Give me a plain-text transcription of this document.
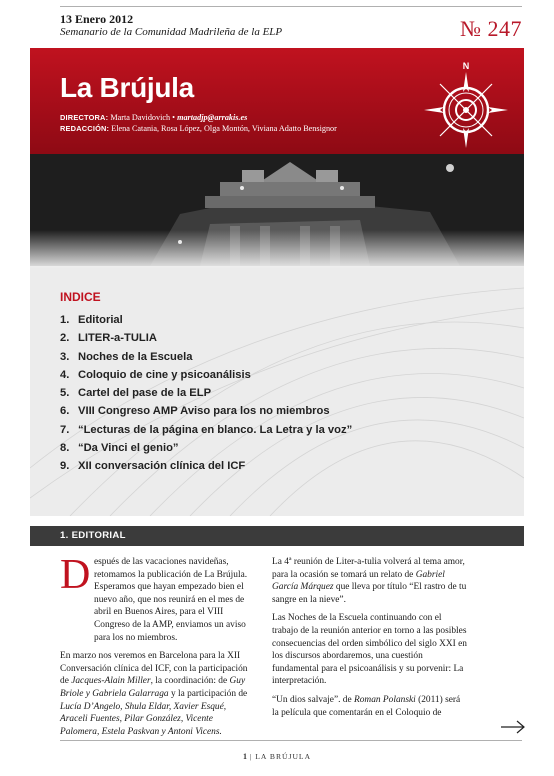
13 Enero 2012
Semanario de la Comunidad Madrileña de la ELP	№ 247
La Brújula
DIRECTORA: Marta Davidovich • martadjp@arrakis.es
REDACCIÓN: Elena Catania, Rosa López, Olga Montón, Viviana Adatto Bensignor
N
INDICE
1. Editorial
2. LITER-a-TULIA
3. Noches de la Escuela
4. Coloquio de cine y psicoanálisis
5. Cartel del pase de la ELP
6. VIII Congreso AMP Aviso para los no miembros
7. “Lecturas de la página en blanco. La Letra y la voz”
8. “Da Vinci el genio”
9. XII conversación clínica del ICF
1. EDITORIAL
D espués de las vacaciones navideñas, retomamos la publicación de La Brújula. Esperamos que hayan empezado bien el nuevo año, que nos reunirá en el mes de abril en Buenos Aires, para el VIII Congreso de la AMP, enviamos un aviso para los no miembros.

En marzo nos veremos en Barcelona para la XII Conversación clínica del ICF, con la participación de Jacques-Alain Miller, la coordinación: de Guy Briole y Gabriela Galarraga y la participación de Lucía D’Angelo, Shula Eldar, Xavier Esqué, Araceli Fuentes, Pilar González, Vicente Palomera, Estela Paskvan y Antoni Vicens.

La 4ª reunión de Liter-a-tulia volverá al tema amor, para la ocasión se tomará un relato de Gabriel García Márquez que lleva por título “El rastro de tu sangre en la nieve”.

Las Noches de la Escuela continuando con el trabajo de la reunión anterior en torno a las posibles consecuencias del orden simbólico del siglo XXI en los discursos abordaremos, una cuestión fundamental para el psicoanálisis y su porvenir: La interpretación.

“Un dios salvaje”. de Roman Polanski (2011) será la película que comentarán en el Coloquio de

1 | LA BRÚJULA
